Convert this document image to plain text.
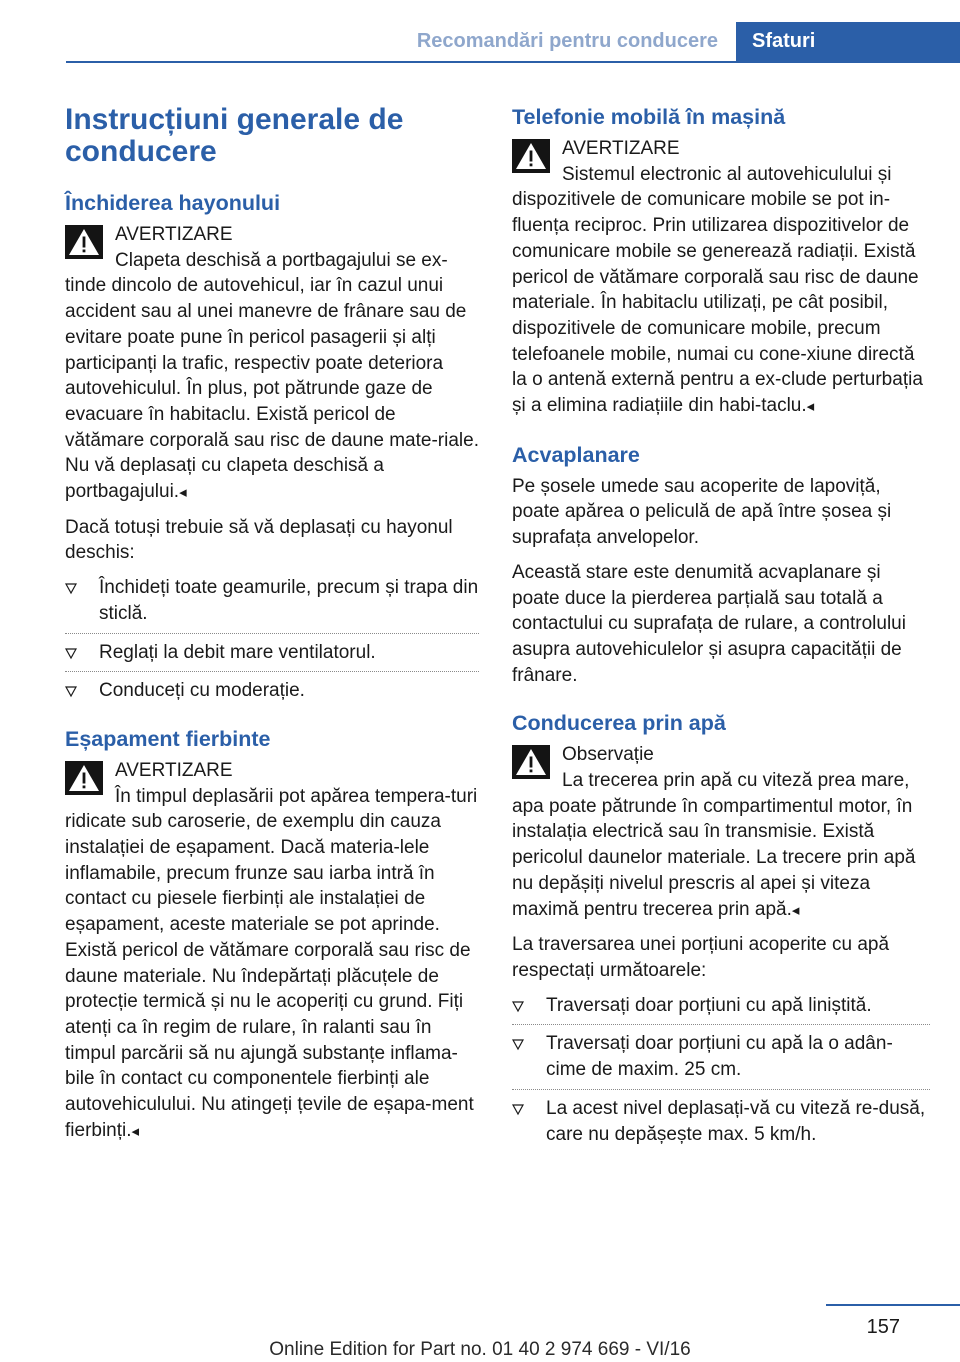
Recomandări pentru conducere	Sfaturi
Instrucțiuni generale de conducere
Închiderea hayonului
AVERTIZARE
Clapeta deschisă a portbagajului se ex‐tinde dincolo de autovehicul, iar în cazul unui accident sau al unei manevre de frânare sau de evitare poate pune în pericol pasagerii și alți participanți la trafic, respectiv poate deteriora autovehiculul. În plus, pot pătrunde gaze de evacuare în habitaclu. Există pericol de vătămare corporală sau risc de daune mate‐riale. Nu vă deplasați cu clapeta deschisă a portbagajului.◂

Dacă totuși trebuie să vă deplasați cu hayonul deschis:

Închideți toate geamurile, precum și trapa din sticlă.
Reglați la debit mare ventilatorul.
Conduceți cu moderație.
Eșapament fierbinte
AVERTIZARE
În timpul deplasării pot apărea tempera‐turi ridicate sub caroserie, de exemplu din cauza instalației de eșapament. Dacă materia‐lele inflamabile, precum frunze sau iarba intră în contact cu piesele fierbinți ale instalației de eșapament, aceste materiale se pot aprinde. Există pericol de vătămare corporală sau risc de daune materiale. Nu îndepărtați plăcuțele de protecție termică și nu le acoperiți cu grund. Fiți atenți ca în regim de rulare, în ralanti sau în timpul parcării să nu ajungă substanțe inflama‐bile în contact cu componentele fierbinți ale autovehiculului. Nu atingeți țevile de eșapa‐ment fierbinți.◂
Telefonie mobilă în mașină
AVERTIZARE
Sistemul electronic al autovehiculului și dispozitivele de comunicare mobile se pot in‐fluența reciproc. Prin utilizarea dispozitivelor de comunicare mobile se generează radiații. Există pericol de vătămare corporală sau risc de daune materiale. În habitaclu utilizați, pe cât posibil, dispozitivele de comunicare mobile, precum telefoanele mobile, numai cu cone‐xiune directă la o antenă externă pentru a ex‐clude perturbația și a elimina radiațiile din habi‐taclu.◂
Acvaplanare

Pe șosele umede sau acoperite de lapoviță, poate apărea o peliculă de apă între șosea și suprafața anvelopelor.

Această stare este denumită acvaplanare și poate duce la pierderea parțială sau totală a contactului cu suprafața de rulare, a controlului asupra autovehiculelor și asupra capacității de frânare.

Conducerea prin apă
Observație
La trecerea prin apă cu viteză prea mare, apa poate pătrunde în compartimentul motor, în instalația electrică sau în transmisie. Există pericolul daunelor materiale. La trecere prin apă nu depășiți nivelul prescris al apei și viteza maximă pentru trecerea prin apă.◂

La traversarea unei porțiuni acoperite cu apă respectați următoarele:

Traversați doar porțiuni cu apă liniștită.
Traversați doar porțiuni cu apă la o adân‐cime de maxim. 25 cm.
La acest nivel deplasați-vă cu viteză re‐dusă, care nu depășește max. 5 km/h.
157
Online Edition for Part no. 01 40 2 974 669 - VI/16
